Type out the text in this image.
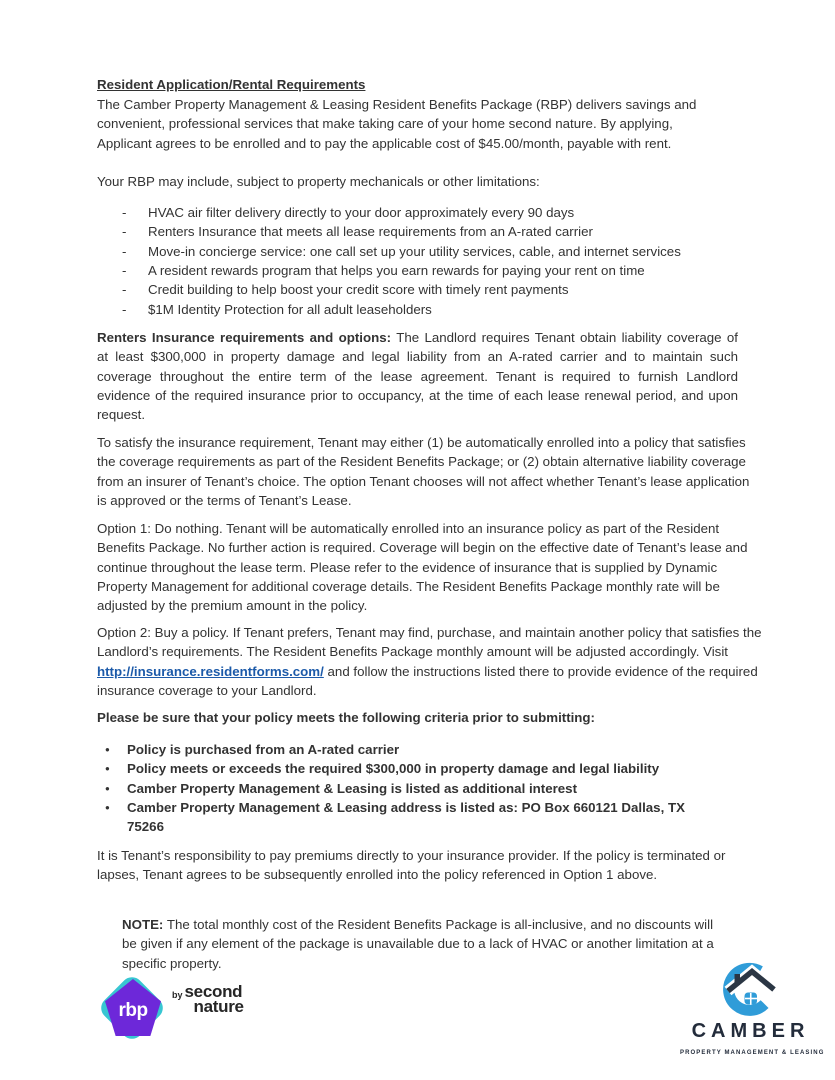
Resident Application/Rental Requirements
The Camber Property Management & Leasing Resident Benefits Package (RBP) delivers savings and
convenient, professional services that make taking care of your home second nature. By applying,
Applicant agrees to be enrolled and to pay the applicable cost of $45.00/month, payable with rent.
Your RBP may include, subject to property mechanicals or other limitations:
- HVAC air filter delivery directly to your door approximately every 90 days
- Renters Insurance that meets all lease requirements from an A-rated carrier
- Move-in concierge service: one call set up your utility services, cable, and internet services
- A resident rewards program that helps you earn rewards for paying your rent on time
- Credit building to help boost your credit score with timely rent payments
- $1M Identity Protection for all adult leaseholders
Renters Insurance requirements and options: The Landlord requires Tenant obtain liability coverage of
at least $300,000 in property damage and legal liability from an A-rated carrier and to maintain such
coverage throughout the entire term of the lease agreement. Tenant is required to furnish Landlord
evidence of the required insurance prior to occupancy, at the time of each lease renewal period, and upon
request.
To satisfy the insurance requirement, Tenant may either (1) be automatically enrolled into a policy that satisfies
the coverage requirements as part of the Resident Benefits Package; or (2) obtain alternative liability coverage
from an insurer of Tenant’s choice. The option Tenant chooses will not affect whether Tenant’s lease application
is approved or the terms of Tenant’s Lease.
Option 1: Do nothing. Tenant will be automatically enrolled into an insurance policy as part of the Resident
Benefits Package. No further action is required. Coverage will begin on the effective date of Tenant’s lease and
continue throughout the lease term. Please refer to the evidence of insurance that is supplied by Dynamic
Property Management for additional coverage details. The Resident Benefits Package monthly rate will be
adjusted by the premium amount in the policy.
Option 2: Buy a policy. If Tenant prefers, Tenant may find, purchase, and maintain another policy that satisfies the
Landlord’s requirements. The Resident Benefits Package monthly amount will be adjusted accordingly. Visit
http://insurance.residentforms.com/ and follow the instructions listed there to provide evidence of the required
insurance coverage to your Landlord.
Please be sure that your policy meets the following criteria prior to submitting:
● Policy is purchased from an A-rated carrier
● Policy meets or exceeds the required $300,000 in property damage and legal liability
● Camber Property Management & Leasing is listed as additional interest
● Camber Property Management & Leasing address is listed as: PO Box 660121 Dallas, TX
75266
It is Tenant’s responsibility to pay premiums directly to your insurance provider. If the policy is terminated or
lapses, Tenant agrees to be subsequently enrolled into the policy referenced in Option 1 above.
NOTE: The total monthly cost of the Resident Benefits Package is all-inclusive, and no discounts will
be given if any element of the package is unavailable due to a lack of HVAC or another limitation at a
specific property.
rbp
$^{by}$ second
nature
CAMBER
PROPERTY MANAGEMENT & LEASING
